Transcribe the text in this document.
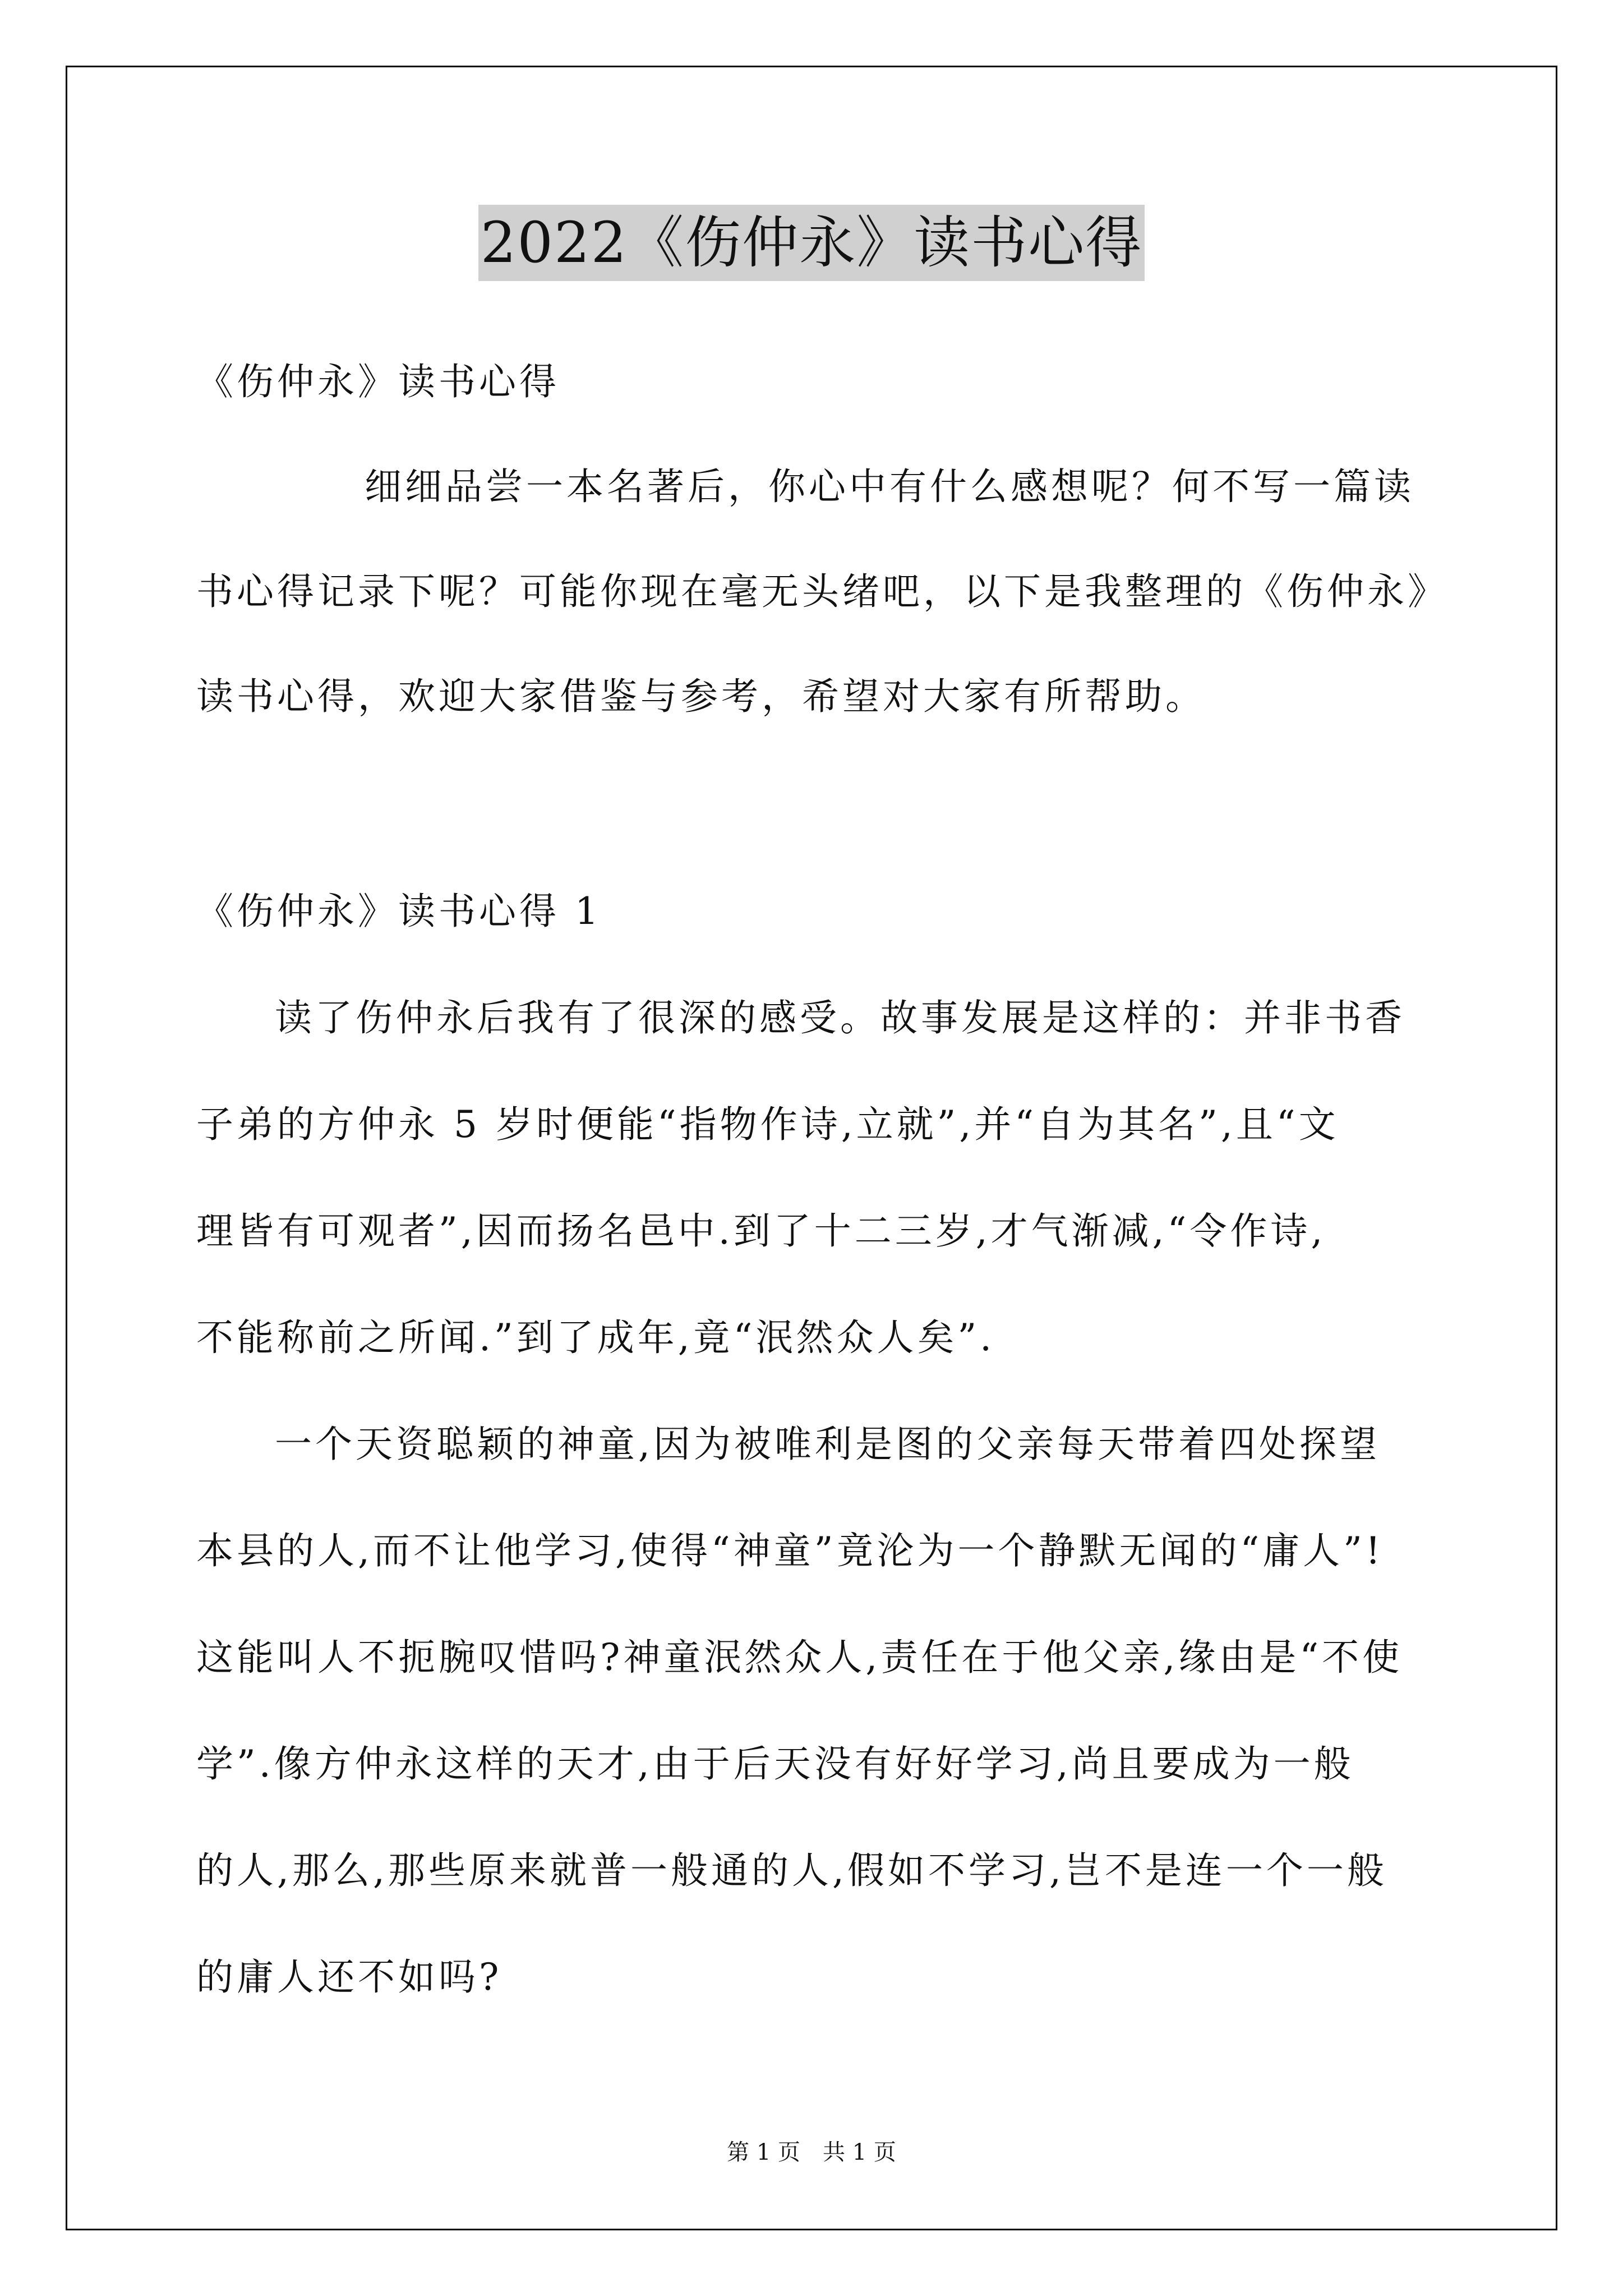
2022《伤仲永》读书心得
《伤仲永》读书心得
细细品尝一本名著后，你心中有什么感想呢？何不写一篇读
书心得记录下呢？可能你现在毫无头绪吧，以下是我整理的《伤仲永》
读书心得，欢迎大家借鉴与参考，希望对大家有所帮助。
《伤仲永》读书心得 1
读了伤仲永后我有了很深的感受。故事发展是这样的：并非书香
子弟的方仲永 5 岁时便能“指物作诗,立就”,并“自为其名”,且“文
理皆有可观者”,因而扬名邑中.到了十二三岁,才气渐减,“令作诗,
不能称前之所闻.”到了成年,竟“泯然众人矣”.
一个天资聪颖的神童,因为被唯利是图的父亲每天带着四处探望
本县的人,而不让他学习,使得“神童”竟沦为一个静默无闻的“庸人”!
这能叫人不扼腕叹惜吗?神童泯然众人,责任在于他父亲,缘由是“不使
学”.像方仲永这样的天才,由于后天没有好好学习,尚且要成为一般
的人,那么,那些原来就普一般通的人,假如不学习,岂不是连一个一般
的庸人还不如吗?
第 1 页 共 1 页
